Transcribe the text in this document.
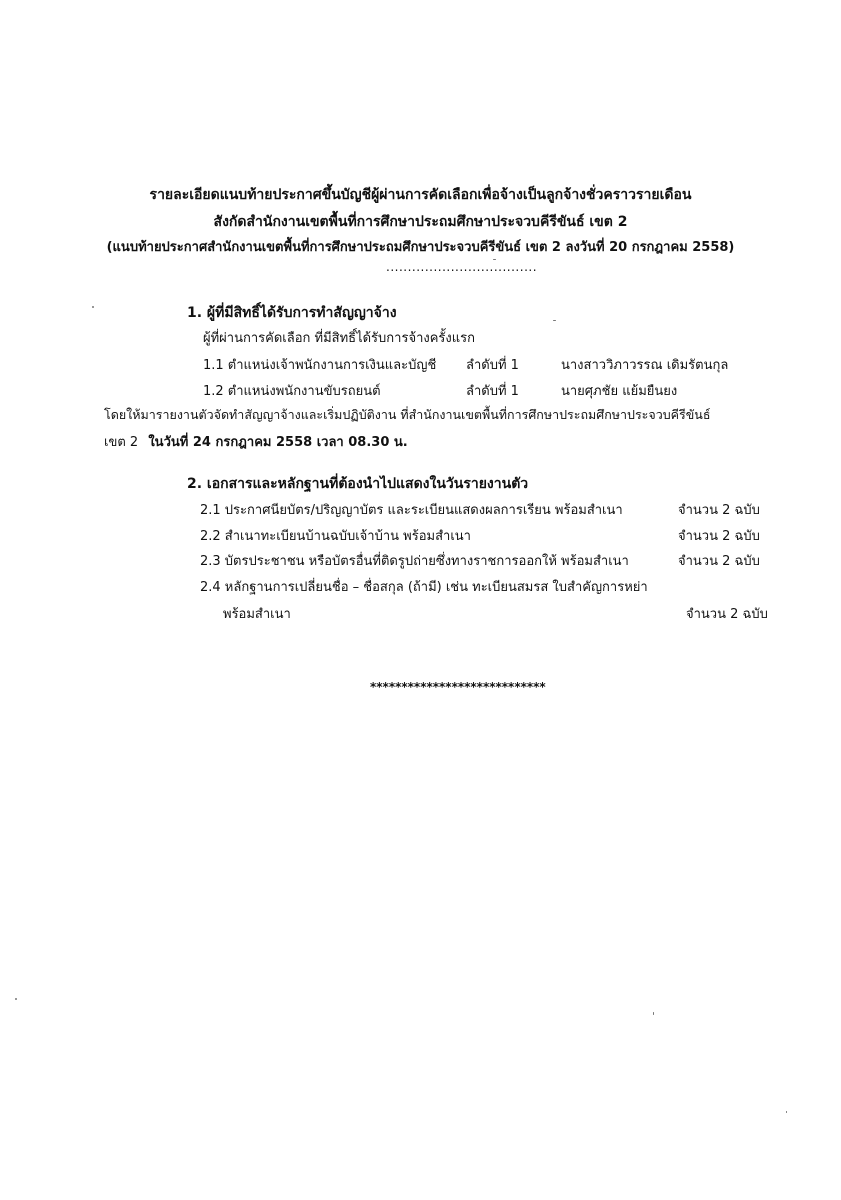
รายละเอียดแนบท้ายประกาศขึ้นบัญชีผู้ผ่านการคัดเลือกเพื่อจ้างเป็นลูกจ้างชั่วคราวรายเดือน
สังกัดสำนักงานเขตพื้นที่การศึกษาประถมศึกษาประจวบคีรีขันธ์ เขต 2
(แนบท้ายประกาศสำนักงานเขตพื้นที่การศึกษาประถมศึกษาประจวบคีรีขันธ์ เขต 2 ลงวันที่ 20 กรกฎาคม 2558)
...................................
1. ผู้ที่มีสิทธิ์ได้รับการทำสัญญาจ้าง
ผู้ที่ผ่านการคัดเลือก ที่มีสิทธิ์ได้รับการจ้างครั้งแรก
1.1 ตำแหน่งเจ้าพนักงานการเงินและบัญชี ลำดับที่ 1	นางสาววิภาวรรณ เดิมรัตนกุล
1.2 ตำแหน่งพนักงานขับรถยนต์	ลำดับที่ 1	นายศุภชัย แย้มยืนยง
โดยให้มารายงานตัวจัดทำสัญญาจ้างและเริ่มปฏิบัติงาน ที่สำนักงานเขตพื้นที่การศึกษาประถมศึกษาประจวบคีรีขันธ์
เขต 2 ในวันที่ 24 กรกฎาคม 2558 เวลา 08.30 น.
2. เอกสารและหลักฐานที่ต้องนำไปแสดงในวันรายงานตัว
2.1 ประกาศนียบัตร/ปริญญาบัตร และระเบียนแสดงผลการเรียน พร้อมสำเนา	จำนวน 2 ฉบับ
2.2 สำเนาทะเบียนบ้านฉบับเจ้าบ้าน พร้อมสำเนา	จำนวน 2 ฉบับ
2.3 บัตรประชาชน หรือบัตรอื่นที่ติดรูปถ่ายซึ่งทางราชการออกให้ พร้อมสำเนา	จำนวน 2 ฉบับ
2.4 หลักฐานการเปลี่ยนชื่อ – ชื่อสกุล (ถ้ามี) เช่น ทะเบียนสมรส ใบสำคัญการหย่า
พร้อมสำเนา	จำนวน 2 ฉบับ
****************************
